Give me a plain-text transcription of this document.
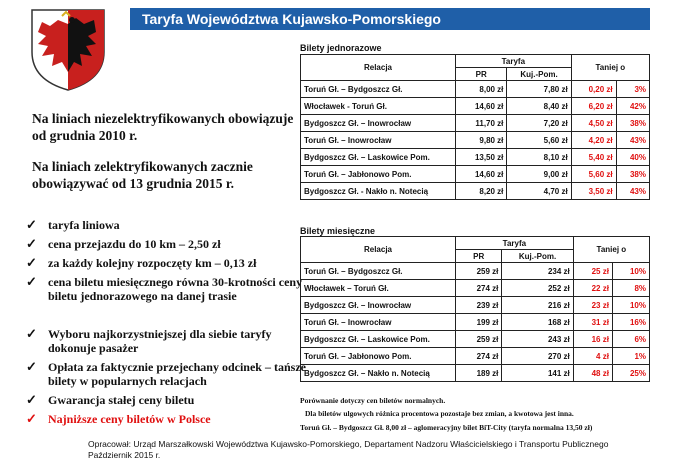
Taryfa Województwa Kujawsko-Pomorskiego
Na liniach niezelektryfikowanych obowiązuje od grudnia 2010 r.
Na liniach zelektryfikowanych zacznie obowiązywać od 13 grudnia 2015 r.
✓ taryfa liniowa
✓ cena przejazdu do 10 km – 2,50 zł
✓ za każdy kolejny rozpoczęty km – 0,13 zł
✓ cena biletu miesięcznego równa 30-krotności ceny biletu jednorazowego na danej trasie
✓ Wyboru najkorzystniejszej dla siebie taryfy dokonuje pasażer
✓ Opłata za faktycznie przejechany odcinek – tańsze bilety w popularnych relacjach
✓ Gwarancja stałej ceny biletu
✓ Najniższe ceny biletów w Polsce
Bilety jednorazowe
Relacja	Taryfa		Taniej o	
	PR	Kuj.-Pom.		
Toruń Gł. – Bydgoszcz Gł.	8,00 zł	7,80 zł	0,20 zł	3%
Włocławek - Toruń Gł.	14,60 zł	8,40 zł	6,20 zł	42%
Bydgoszcz Gł. – Inowrocław	11,70 zł	7,20 zł	4,50 zł	38%
Toruń Gł. – Inowrocław	9,80 zł	5,60 zł	4,20 zł	43%
Bydgoszcz Gł. – Laskowice Pom.	13,50 zł	8,10 zł	5,40 zł	40%
Toruń Gł. – Jabłonowo Pom.	14,60 zł	9,00 zł	5,60 zł	38%
Bydgoszcz Gł. - Nakło n. Notecią	8,20 zł	4,70 zł	3,50 zł	43%
Bilety miesięczne
Relacja	Taryfa		Taniej o	
	PR	Kuj.-Pom.		
Toruń Gł. – Bydgoszcz Gł.	259 zł	234 zł	25 zł	10%
Włocławek – Toruń Gł.	274 zł	252 zł	22 zł	8%
Bydgoszcz Gł. – Inowrocław	239 zł	216 zł	23 zł	10%
Toruń Gł. – Inowrocław	199 zł	168 zł	31 zł	16%
Bydgoszcz Gł. – Laskowice Pom.	259 zł	243 zł	16 zł	6%
Toruń Gł. – Jabłonowo Pom.	274 zł	270 zł	4 zł	1%
Bydgoszcz Gł. – Nakło n. Notecią	189 zł	141 zł	48 zł	25%
Porównanie dotyczy cen biletów normalnych.
Dla biletów ulgowych różnica procentowa pozostaje bez zmian, a kwotowa jest inna.
Toruń Gł. – Bydgoszcz Gł. 8,00 zł – aglomeracyjny bilet BiT-City (taryfa normalna 13,50 zł)
Opracował: Urząd Marszałkowski Województwa Kujawsko-Pomorskiego, Departament Nadzoru Właścicielskiego i Transportu Publicznego
Październik 2015 r.
